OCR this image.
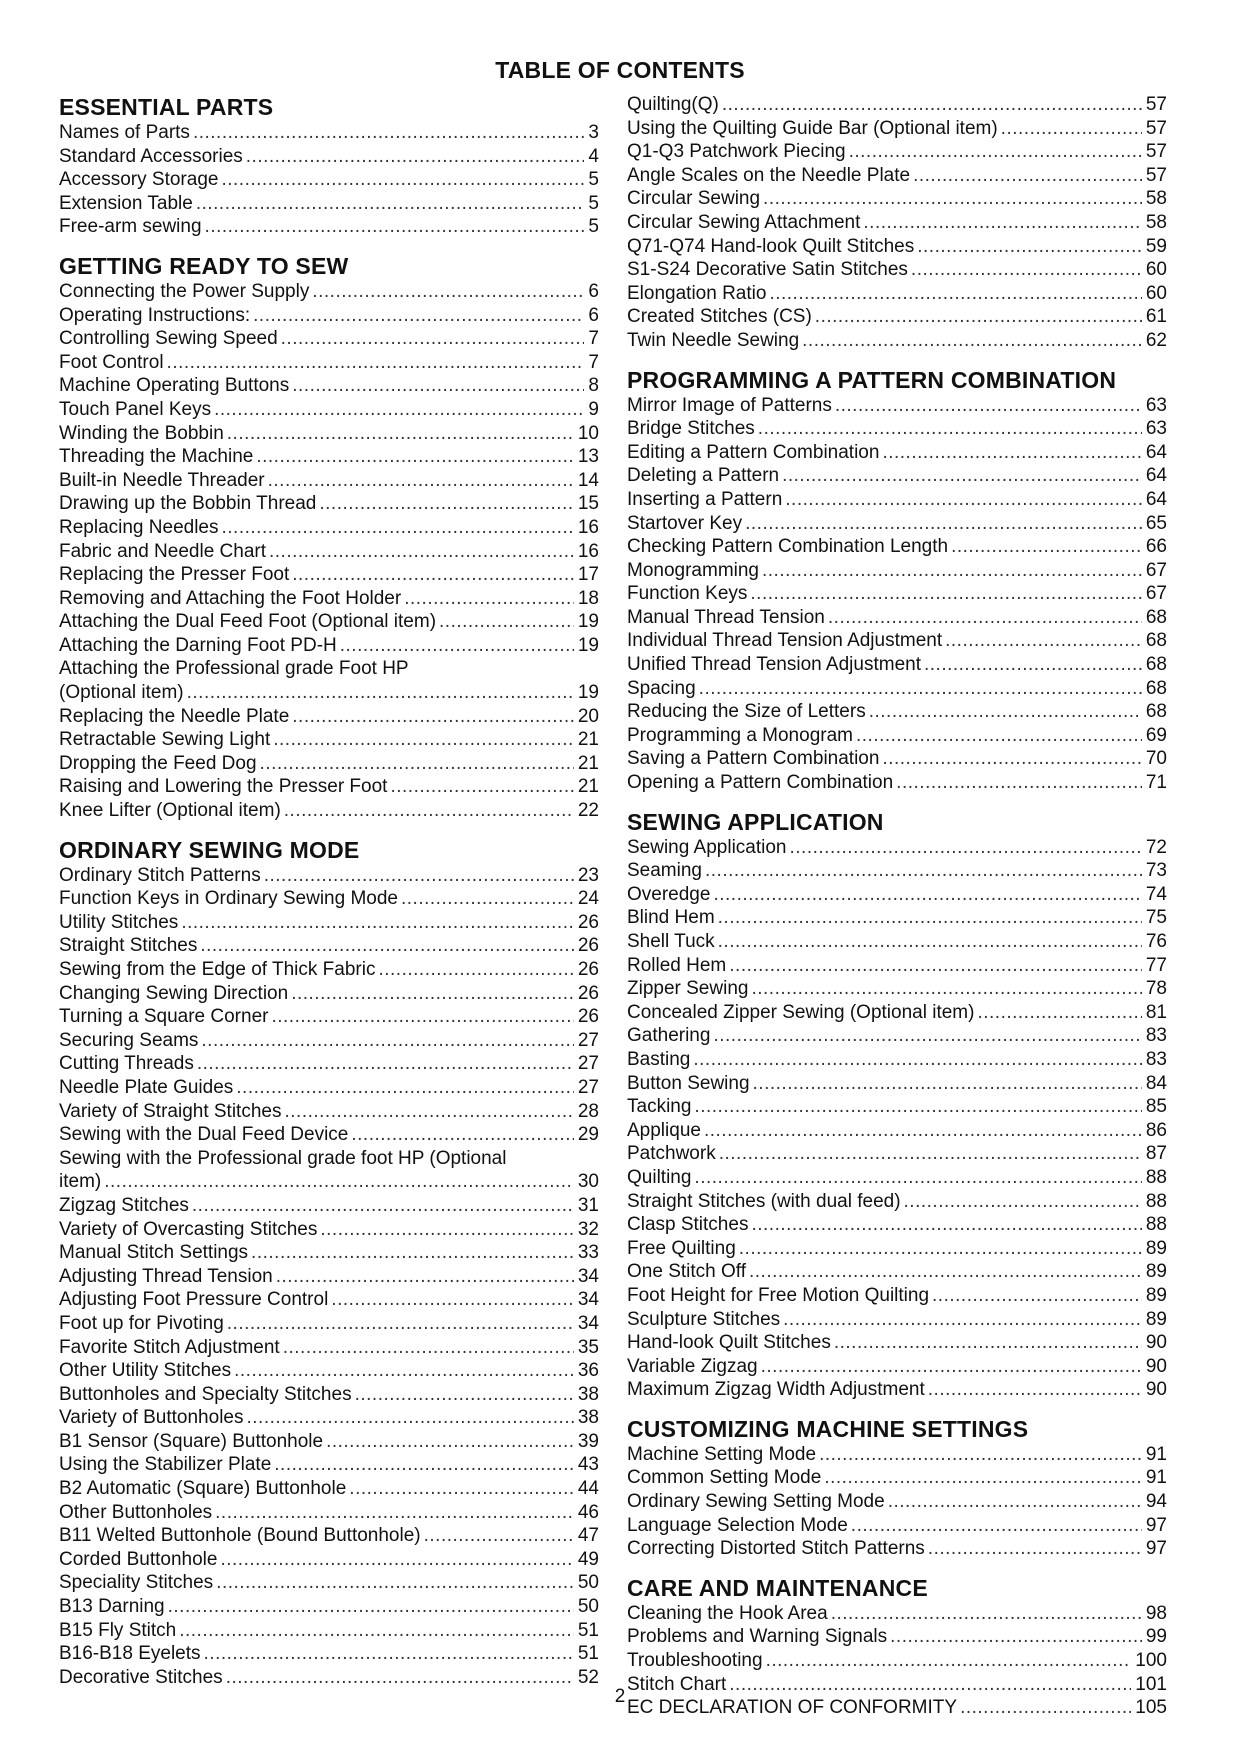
TABLE OF CONTENTS
ESSENTIAL PARTS
Names of Parts .....	3
Standard Accessories .....	4
Accessory Storage .....	5
Extension Table .....	5
Free-arm sewing .....	5
GETTING READY TO SEW
Connecting the Power Supply .....	6
Operating Instructions: .....	6
Controlling Sewing Speed .....	7
Foot Control .....	7
Machine Operating Buttons .....	8
Touch Panel Keys .....	9
Winding the Bobbin .....	10
Threading the Machine .....	13
Built-in Needle Threader .....	14
Drawing up the Bobbin Thread .....	15
Replacing Needles .....	16
Fabric and Needle Chart .....	16
Replacing the Presser Foot .....	17
Removing and Attaching the Foot Holder .....	18
Attaching the Dual Feed Foot (Optional item) .....	19
Attaching the Darning Foot PD-H .....	19
Attaching the Professional grade Foot HP
(Optional item) .....	19
Replacing the Needle Plate .....	20
Retractable Sewing Light .....	21
Dropping the Feed Dog .....	21
Raising and Lowering the Presser Foot .....	21
Knee Lifter (Optional item) .....	22
ORDINARY SEWING MODE
Ordinary Stitch Patterns .....	23
Function Keys in Ordinary Sewing Mode .....	24
Utility Stitches .....	26
Straight Stitches .....	26
Sewing from the Edge of Thick Fabric .....	26
Changing Sewing Direction .....	26
Turning a Square Corner .....	26
Securing Seams .....	27
Cutting Threads .....	27
Needle Plate Guides .....	27
Variety of Straight Stitches .....	28
Sewing with the Dual Feed Device .....	29
Sewing with the Professional grade foot HP (Optional
item) .....	30
Zigzag Stitches .....	31
Variety of Overcasting Stitches .....	32
Manual Stitch Settings .....	33
Adjusting Thread Tension .....	34
Adjusting Foot Pressure Control .....	34
Foot up for Pivoting .....	34
Favorite Stitch Adjustment .....	35
Other Utility Stitches .....	36
Buttonholes and Specialty Stitches .....	38
Variety of Buttonholes .....	38
B1 Sensor (Square) Buttonhole .....	39
Using the Stabilizer Plate .....	43
B2 Automatic (Square) Buttonhole .....	44
Other Buttonholes .....	46
B11 Welted Buttonhole (Bound Buttonhole) .....	47
Corded Buttonhole .....	49
Speciality Stitches .....	50
B13 Darning .....	50
B15 Fly Stitch .....	51
B16-B18 Eyelets .....	51
Decorative Stitches .....	52
Quilting(Q) .....	57
Using the Quilting Guide Bar (Optional item) .....	57
Q1-Q3 Patchwork Piecing .....	57
Angle Scales on the Needle Plate .....	57
Circular Sewing .....	58
Circular Sewing Attachment .....	58
Q71-Q74 Hand-look Quilt Stitches .....	59
S1-S24 Decorative Satin Stitches .....	60
Elongation Ratio .....	60
Created Stitches (CS) .....	61
Twin Needle Sewing .....	62
PROGRAMMING A PATTERN COMBINATION
Mirror Image of Patterns .....	63
Bridge Stitches .....	63
Editing a Pattern Combination .....	64
Deleting a Pattern .....	64
Inserting a Pattern .....	64
Startover Key .....	65
Checking Pattern Combination Length .....	66
Monogramming .....	67
Function Keys .....	67
Manual Thread Tension .....	68
Individual Thread Tension Adjustment .....	68
Unified Thread Tension Adjustment .....	68
Spacing .....	68
Reducing the Size of Letters .....	68
Programming a Monogram .....	69
Saving a Pattern Combination .....	70
Opening a Pattern Combination .....	71
SEWING APPLICATION
Sewing Application .....	72
Seaming .....	73
Overedge .....	74
Blind Hem .....	75
Shell Tuck .....	76
Rolled Hem .....	77
Zipper Sewing .....	78
Concealed Zipper Sewing (Optional item) .....	81
Gathering .....	83
Basting .....	83
Button Sewing .....	84
Tacking .....	85
Applique .....	86
Patchwork .....	87
Quilting .....	88
Straight Stitches (with dual feed) .....	88
Clasp Stitches .....	88
Free Quilting .....	89
One Stitch Off .....	89
Foot Height for Free Motion Quilting .....	89
Sculpture Stitches .....	89
Hand-look Quilt Stitches .....	90
Variable Zigzag .....	90
Maximum Zigzag Width Adjustment .....	90
CUSTOMIZING MACHINE SETTINGS
Machine Setting Mode .....	91
Common Setting Mode .....	91
Ordinary Sewing Setting Mode .....	94
Language Selection Mode .....	97
Correcting Distorted Stitch Patterns .....	97
CARE AND MAINTENANCE
Cleaning the Hook Area .....	98
Problems and Warning Signals .....	99
Troubleshooting .....	100
Stitch Chart .....	101
EC DECLARATION OF CONFORMITY .....	105
2
